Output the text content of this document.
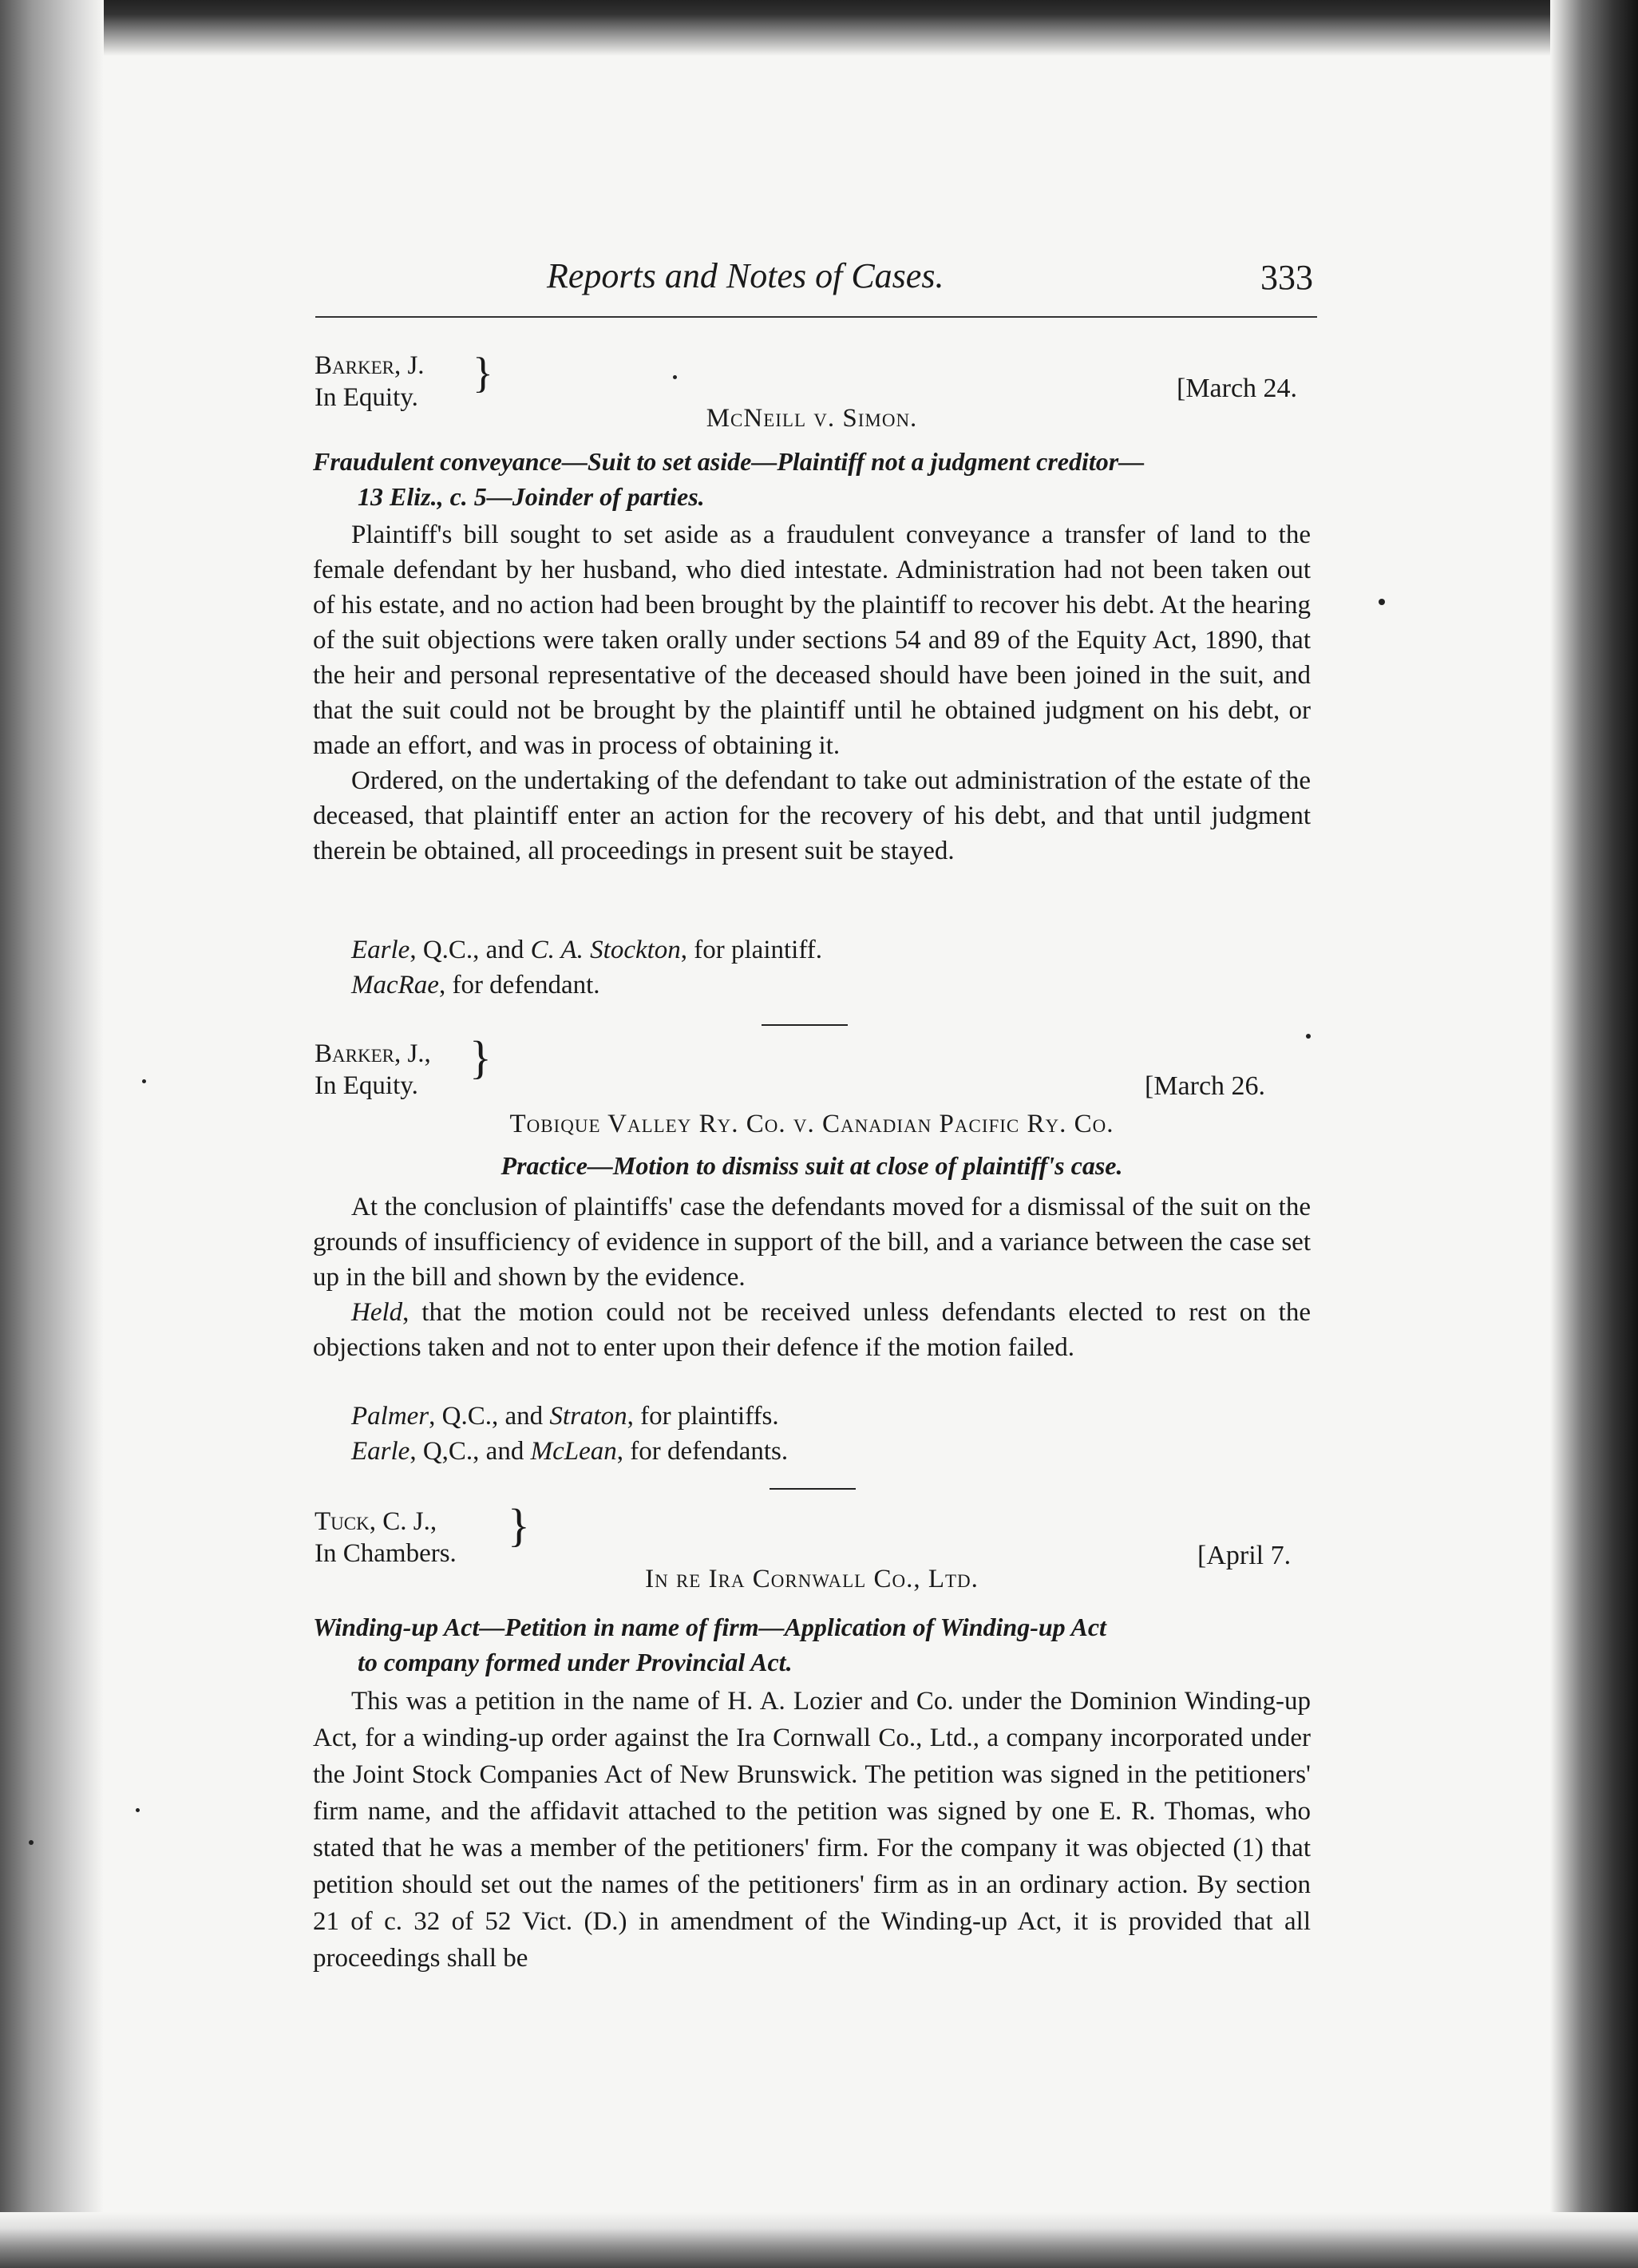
Reports and Notes of Cases.	333
Barker, J.
In Equity.
}	[March 24.
McNeill v. Simon.
Fraudulent conveyance—Suit to set aside—Plaintiff not a judgment creditor—
13 Eliz., c. 5—Joinder of parties.

Plaintiff's bill sought to set aside as a fraudulent conveyance a transfer of land to the female defendant by her husband, who died intestate. Administration had not been taken out of his estate, and no action had been brought by the plaintiff to recover his debt. At the hearing of the suit objections were taken orally under sections 54 and 89 of the Equity Act, 1890, that the heir and personal representative of the deceased should have been joined in the suit, and that the suit could not be brought by the plaintiff until he obtained judgment on his debt, or made an effort, and was in process of obtaining it.

Ordered, on the undertaking of the defendant to take out administration of the estate of the deceased, that plaintiff enter an action for the recovery of his debt, and that until judgment therein be obtained, all proceedings in present suit be stayed.

Earle, Q.C., and C. A. Stockton, for plaintiff.
MacRae, for defendant.
Barker, J.,
In Equity.
}
[March 26.
Tobique Valley Ry. Co. v. Canadian Pacific Ry. Co.
Practice—Motion to dismiss suit at close of plaintiff's case.

At the conclusion of plaintiffs' case the defendants moved for a dismissal of the suit on the grounds of insufficiency of evidence in support of the bill, and a variance between the case set up in the bill and shown by the evidence.

Held, that the motion could not be received unless defendants elected to rest on the objections taken and not to enter upon their defence if the motion failed.

Palmer, Q.C., and Straton, for plaintiffs.
Earle, Q,C., and McLean, for defendants.
Tuck, C. J.,
In Chambers.
}
[April 7.
In re Ira Cornwall Co., Ltd.
Winding-up Act—Petition in name of firm—Application of Winding-up Act
to company formed under Provincial Act.

This was a petition in the name of H. A. Lozier and Co. under the Dominion Winding-up Act, for a winding-up order against the Ira Cornwall Co., Ltd., a company incorporated under the Joint Stock Companies Act of New Brunswick. The petition was signed in the petitioners' firm name, and the affidavit attached to the petition was signed by one E. R. Thomas, who stated that he was a member of the petitioners' firm. For the company it was objected (1) that petition should set out the names of the petitioners' firm as in an ordinary action. By section 21 of c. 32 of 52 Vict. (D.) in amendment of the Winding-up Act, it is provided that all proceedings shall be
